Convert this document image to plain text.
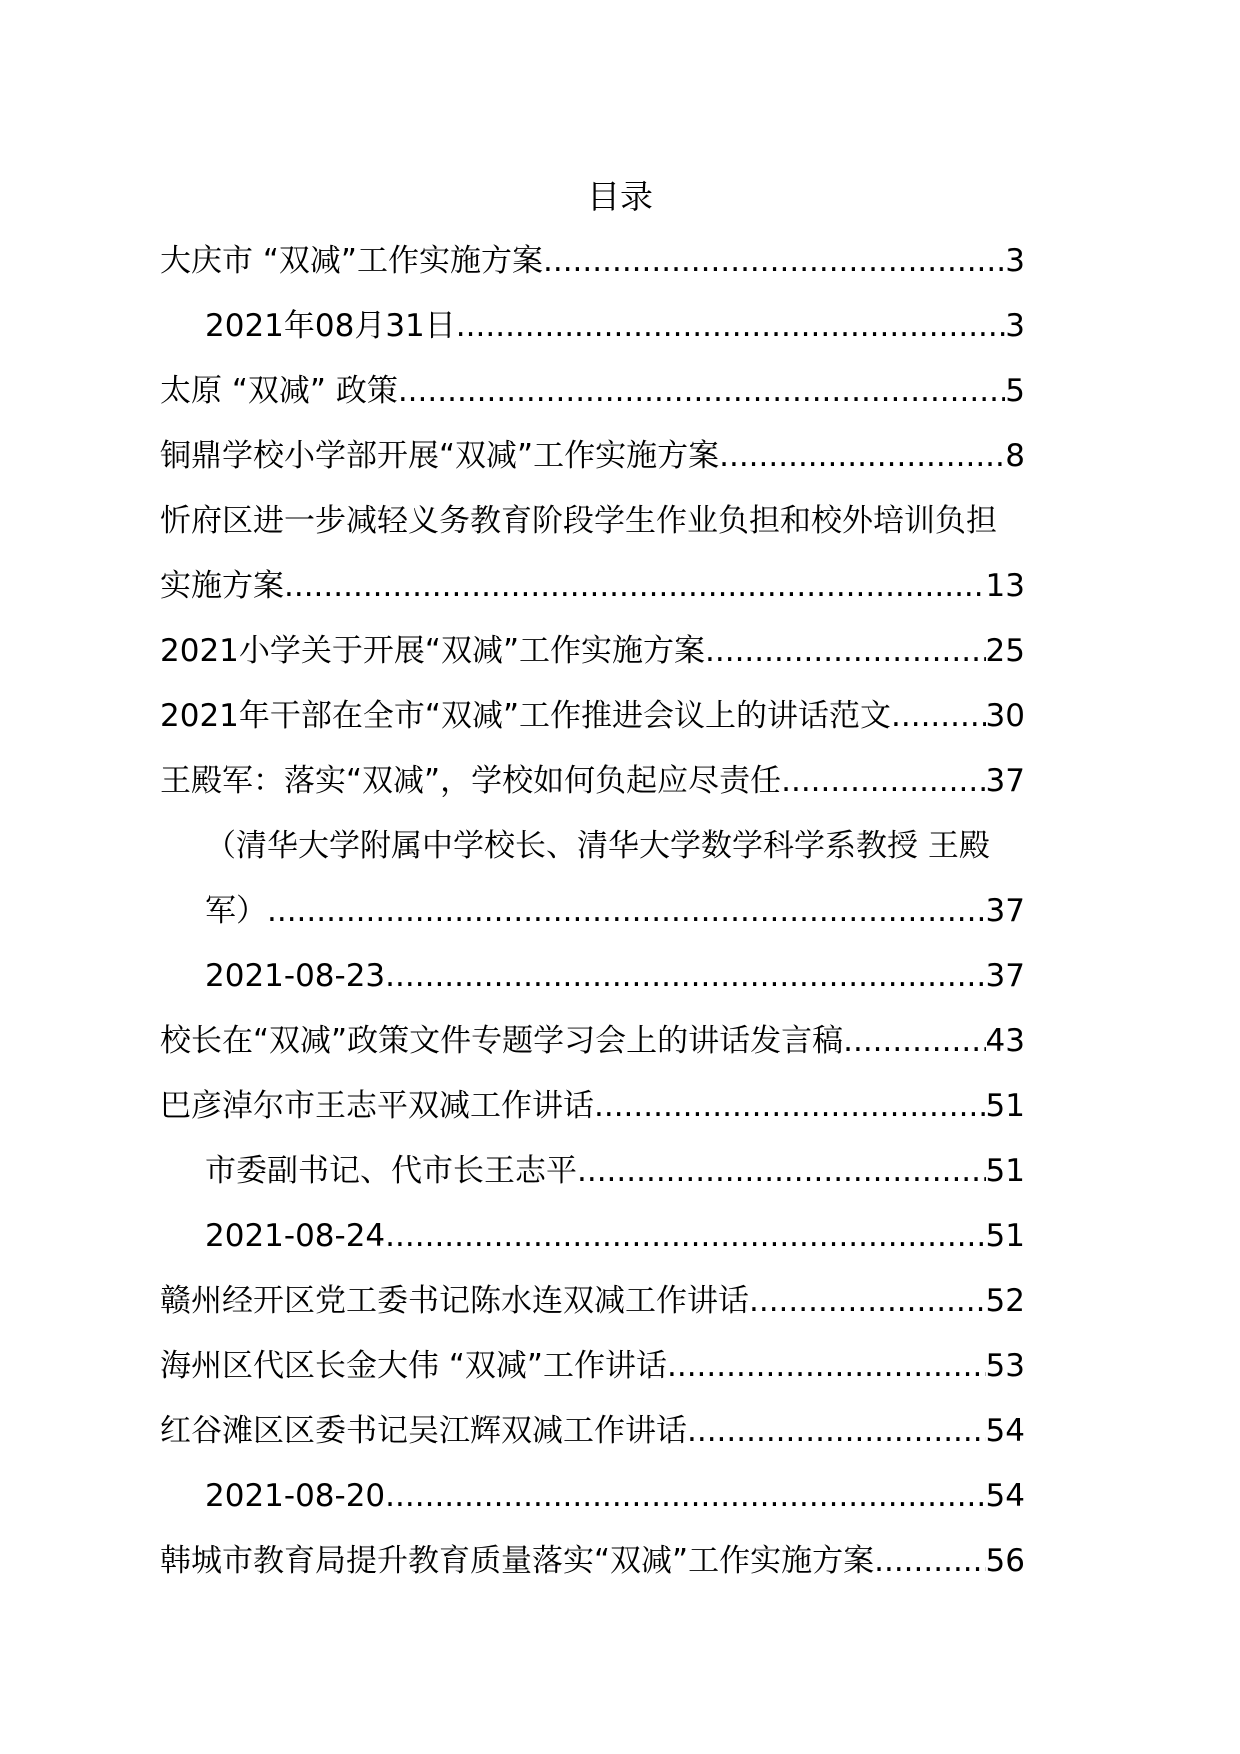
目录
大庆市 “双减”工作实施方案 .....	3
2021年08月31日 .....	3
太原 “双减” 政策 .....	5
铜鼎学校小学部开展“双减”工作实施方案 .....	8
忻府区进一步减轻义务教育阶段学生作业负担和校外培训负担
实施方案 .....	13
2021小学关于开展“双减”工作实施方案 .....	25
2021年干部在全市“双减”工作推进会议上的讲话范文 .....	30
王殿军：落实“双减”，学校如何负起应尽责任 .....	37
（清华大学附属中学校长、清华大学数学科学系教授 王殿
军） .....	37
2021-08-23 .....	37
校长在“双减”政策文件专题学习会上的讲话发言稿 .....	43
巴彦淖尔市王志平双减工作讲话 .....	51
市委副书记、代市长王志平 .....	51
2021-08-24 .....	51
赣州经开区党工委书记陈水连双减工作讲话 .....	52
海州区代区长金大伟 “双减”工作讲话 .....	53
红谷滩区区委书记吴江辉双减工作讲话 .....	54
2021-08-20 .....	54
韩城市教育局提升教育质量落实“双减”工作实施方案 .....	56
